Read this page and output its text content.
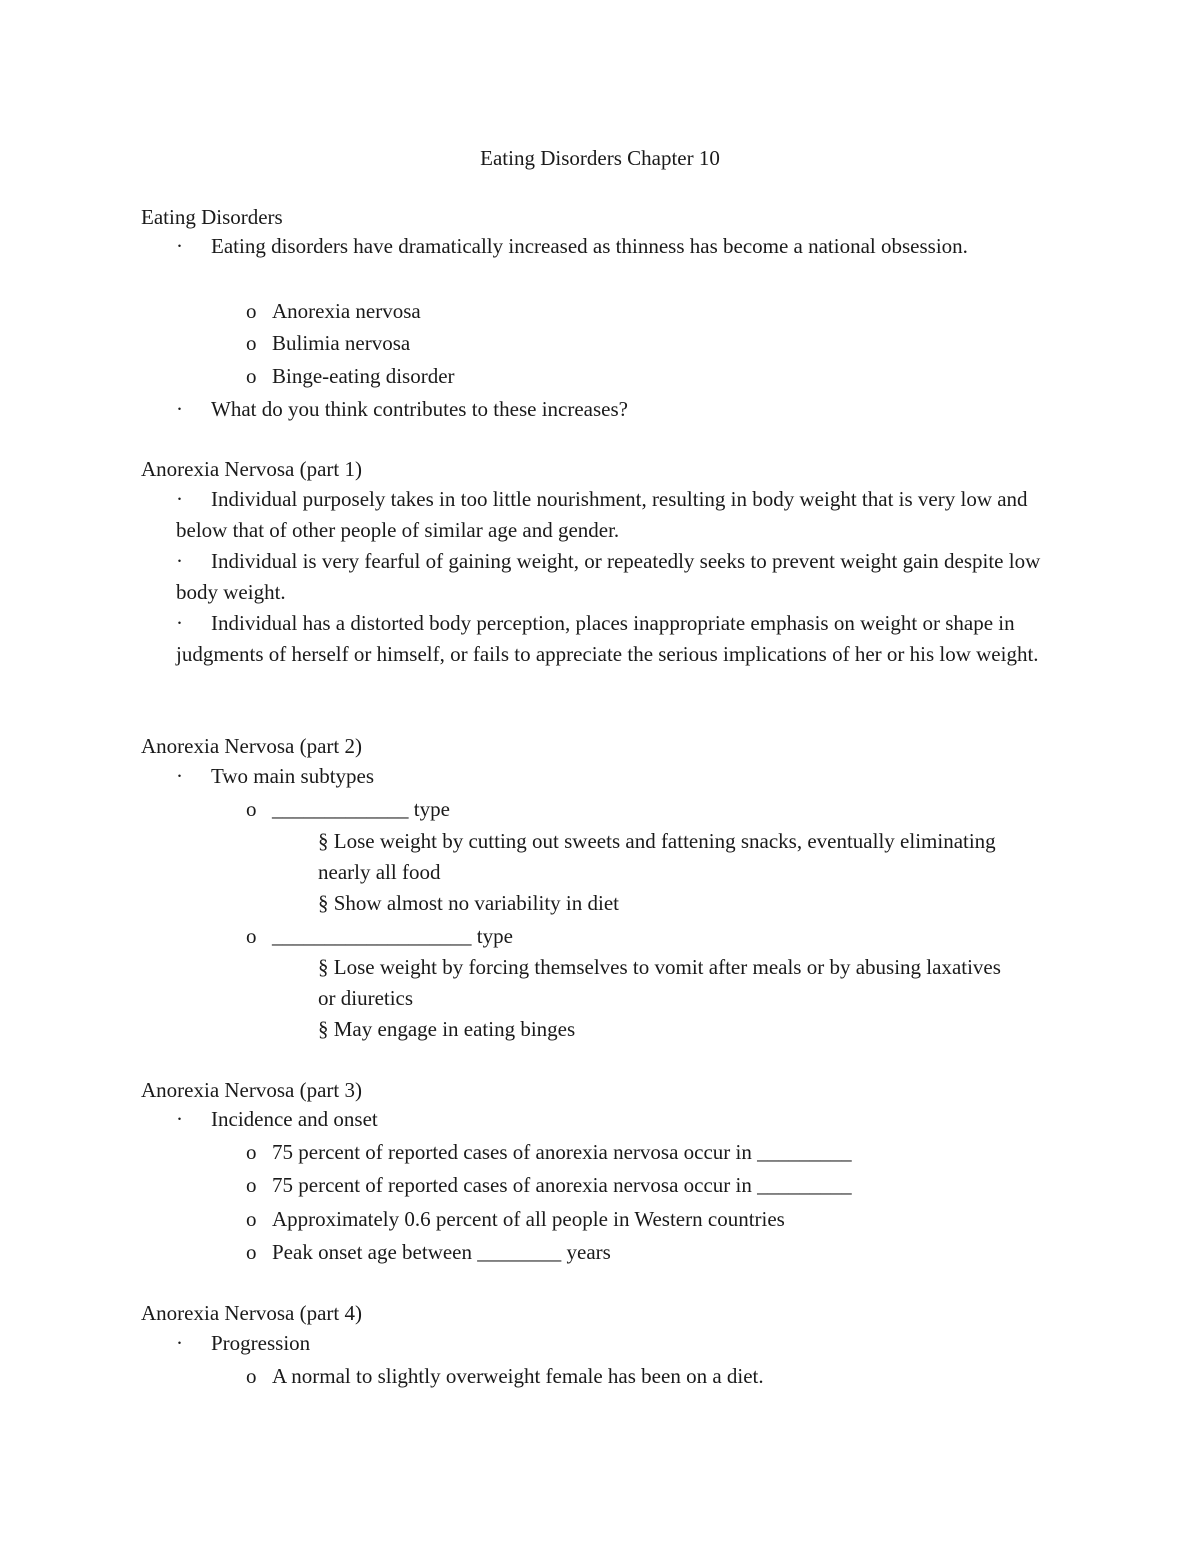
Eating Disorders Chapter 10
Eating Disorders
· Eating disorders have dramatically increased as thinness has become a national obsession.
o Anorexia nervosa
o Bulimia nervosa
o Binge-eating disorder
· What do you think contributes to these increases?
Anorexia Nervosa (part 1)
· Individual purposely takes in too little nourishment, resulting in body weight that is very low and below that of other people of similar age and gender.
· Individual is very fearful of gaining weight, or repeatedly seeks to prevent weight gain despite low body weight.
· Individual has a distorted body perception, places inappropriate emphasis on weight or shape in judgments of herself or himself, or fails to appreciate the serious implications of her or his low weight.
Anorexia Nervosa (part 2)
· Two main subtypes
o _____________ type
§ Lose weight by cutting out sweets and fattening snacks, eventually eliminating nearly all food
§ Show almost no variability in diet
o ___________________ type
§ Lose weight by forcing themselves to vomit after meals or by abusing laxatives or diuretics
§ May engage in eating binges
Anorexia Nervosa (part 3)
· Incidence and onset
o 75 percent of reported cases of anorexia nervosa occur in _________
o 75 percent of reported cases of anorexia nervosa occur in _________
o Approximately 0.6 percent of all people in Western countries
o Peak onset age between ________ years
Anorexia Nervosa (part 4)
· Progression
o A normal to slightly overweight female has been on a diet.
